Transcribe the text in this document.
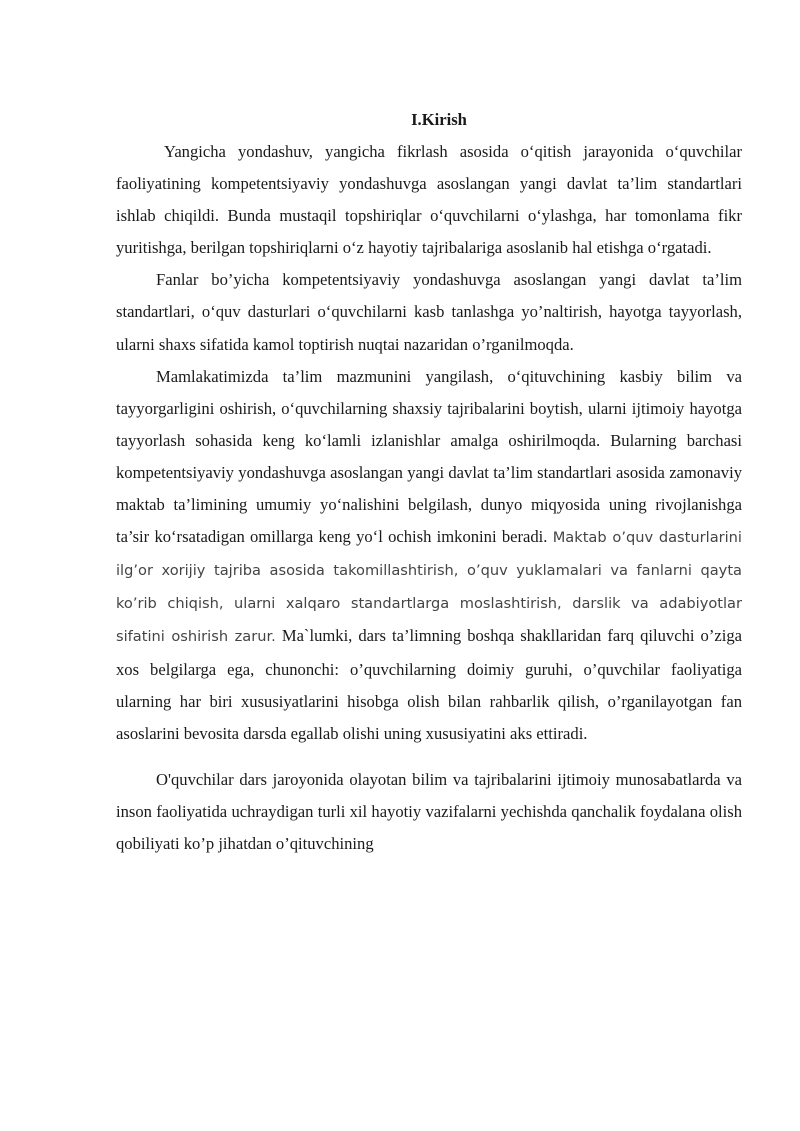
I.Kirish

Yangicha yondashuv, yangicha fikrlash asosida o‘qitish jarayonida o‘quvchilar faoliyatining kompetentsiyaviy yondashuvga asoslangan yangi davlat ta’lim standartlari ishlab chiqildi. Bunda mustaqil topshiriqlar o‘quvchilarni o‘ylashga, har tomonlama fikr yuritishga, berilgan topshiriqlarni o‘z hayotiy tajribalariga asoslanib hal etishga o‘rgatadi.

Fanlar bo’yicha kompetentsiyaviy yondashuvga asoslangan yangi davlat ta’lim standartlari, o‘quv dasturlari o‘quvchilarni kasb tanlashga yo’naltirish, hayotga tayyorlash, ularni shaxs sifatida kamol toptirish nuqtai nazaridan o’rganilmoqda.

Mamlakatimizda ta’lim mazmunini yangilash, o‘qituvchining kasbiy bilim va tayyorgarligini oshirish, o‘quvchilarning shaxsiy tajribalarini boytish, ularni ijtimoiy hayotga tayyorlash sohasida keng ko‘lamli izlanishlar amalga oshirilmoqda. Bularning barchasi kompetentsiyaviy yondashuvga asoslangan yangi davlat ta’lim standartlari asosida zamonaviy maktab ta’limining umumiy yo‘nalishini belgilash, dunyo miqyosida uning rivojlanishga ta’sir ko‘rsatadigan omillarga keng yo‘l ochish imkonini beradi. Maktab o’quv dasturlarini ilg’or xorijiy tajriba asosida takomillashtirish, o’quv yuklamalari va fanlarni qayta ko’rib chiqish, ularni xalqaro standartlarga moslashtirish, darslik va adabiyotlar sifatini oshirish zarur. Ma`lumki, dars ta’limning boshqa shakllaridan farq qiluvchi o’ziga xos belgilarga ega, chunonchi: o’quvchilarning doimiy guruhi, o’quvchilar faoliyatiga ularning har biri xususiyatlarini hisobga olish bilan rahbarlik qilish, o’rganilayotgan fan asoslarini bevosita darsda egallab olishi uning xususiyatini aks ettiradi.

O'quvchilar dars jaroyonida olayotan bilim va tajribalarini ijtimoiy munosabatlarda va inson faoliyatida uchraydigan turli xil hayotiy vazifalarni yechishda qanchalik foydalana olish qobiliyati ko’p jihatdan o’qituvchining
